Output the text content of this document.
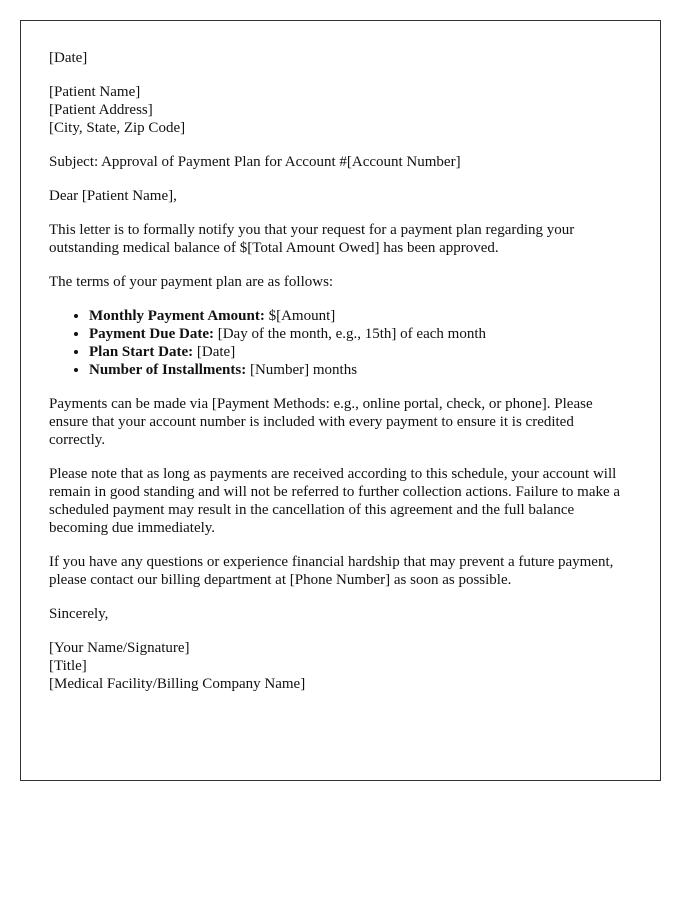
[Date]

[Patient Name]
[Patient Address]
[City, State, Zip Code]

Subject: Approval of Payment Plan for Account #[Account Number]

Dear [Patient Name],

This letter is to formally notify you that your request for a payment plan regarding your outstanding medical balance of $[Total Amount Owed] has been approved.

The terms of your payment plan are as follows:

• Monthly Payment Amount: $[Amount]
• Payment Due Date: [Day of the month, e.g., 15th] of each month
• Plan Start Date: [Date]
• Number of Installments: [Number] months

Payments can be made via [Payment Methods: e.g., online portal, check, or phone]. Please ensure that your account number is included with every payment to ensure it is credited correctly.

Please note that as long as payments are received according to this schedule, your account will remain in good standing and will not be referred to further collection actions. Failure to make a scheduled payment may result in the cancellation of this agreement and the full balance becoming due immediately.

If you have any questions or experience financial hardship that may prevent a future payment, please contact our billing department at [Phone Number] as soon as possible.

Sincerely,

[Your Name/Signature]
[Title]
[Medical Facility/Billing Company Name]
